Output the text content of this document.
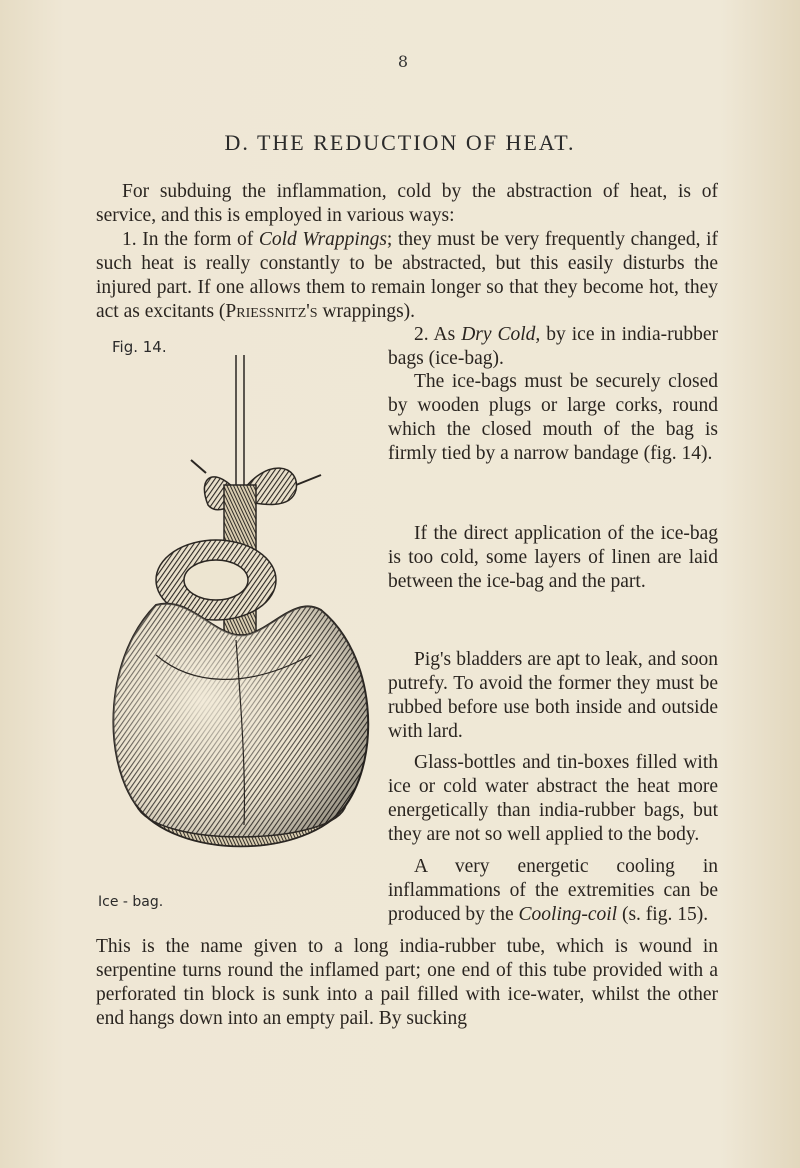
8
D. THE REDUCTION OF HEAT.

For subduing the inflammation, cold by the abstraction of heat, is of service, and this is employed in various ways:

1. In the form of Cold Wrappings; they must be very frequently changed, if such heat is really constantly to be abstracted, but this easily disturbs the injured part. If one allows them to remain longer so that they become hot, they act as excitants (Priessnitz's wrappings).

2. As Dry Cold, by ice in india-rubber bags (ice-bag).

The ice-bags must be securely closed by wooden plugs or large corks, round which the closed mouth of the bag is firmly tied by a narrow bandage (fig. 14).

If the direct application of the ice-bag is too cold, some layers of linen are laid between the ice-bag and the part.

Pig's bladders are apt to leak, and soon putrefy. To avoid the former they must be rubbed before use both inside and outside with lard.

Glass-bottles and tin-boxes filled with ice or cold water abstract the heat more energetically than india-rubber bags, but they are not so well applied to the body.

A very energetic cooling in inflammations of the extremities can be produced by the Cooling-coil (s. fig. 15).

This is the name given to a long india-rubber tube, which is wound in serpentine turns round the inflamed part; one end of this tube provided with a perforated tin block is sunk into a pail filled with ice-water, whilst the other end hangs down into an empty pail. By sucking

Fig. 14.
Ice - bag.
